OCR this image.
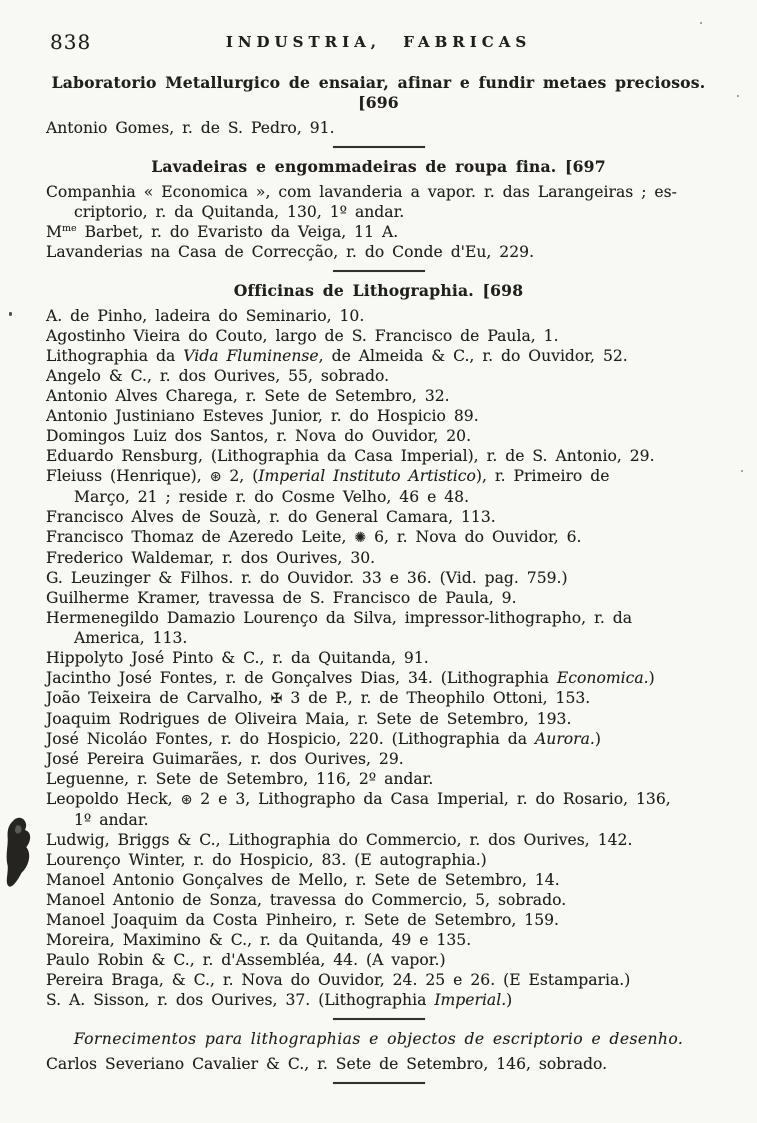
838	INDUSTRIA, FABRICAS

Laboratorio Metallurgico de ensaiar, afinar e fundir metaes preciosos. [696

Antonio Gomes, r. de S. Pedro, 91.

Lavadeiras e engommadeiras de roupa fina. [697

Companhia « Economica », com lavanderia a vapor. r. das Larangeiras ; es-
criptorio, r. da Quitanda, 130, 1º andar.

$M^{me}$ Barbet, r. do Evaristo da Veiga, 11 A.

Lavanderias na Casa de Correcção, r. do Conde d'Eu, 229.

Officinas de Lithographia. [698

A. de Pinho, ladeira do Seminario, 10.

Agostinho Vieira do Couto, largo de S. Francisco de Paula, 1.

Lithographia da Vida Fluminense, de Almeida & C., r. do Ouvidor, 52.

Angelo & C., r. dos Ourives, 55, sobrado.

Antonio Alves Charega, r. Sete de Setembro, 32.

Antonio Justiniano Esteves Junior, r. do Hospicio 89.

Domingos Luiz dos Santos, r. Nova do Ouvidor, 20.

Eduardo Rensburg, (Lithographia da Casa Imperial), r. de S. Antonio, 29.

Fleiuss (Henrique), ⊛ 2, (Imperial Instituto Artistico), r. Primeiro de
Março, 21 ; reside r. do Cosme Velho, 46 e 48.

Francisco Alves de Souzà, r. do General Camara, 113.

Francisco Thomaz de Azeredo Leite, ✺ 6, r. Nova do Ouvidor, 6.

Frederico Waldemar, r. dos Ourives, 30.

G. Leuzinger & Filhos. r. do Ouvidor. 33 e 36. (Vid. pag. 759.)

Guilherme Kramer, travessa de S. Francisco de Paula, 9.

Hermenegildo Damazio Lourenço da Silva, impressor-lithographo, r. da
America, 113.

Hippolyto José Pinto & C., r. da Quitanda, 91.

Jacintho José Fontes, r. de Gonçalves Dias, 34. (Lithographia Economica.)

João Teixeira de Carvalho, ✠ 3 de P., r. de Theophilo Ottoni, 153.

Joaquim Rodrigues de Oliveira Maia, r. Sete de Setembro, 193.

José Nicoláo Fontes, r. do Hospicio, 220. (Lithographia da Aurora.)

José Pereira Guimarães, r. dos Ourives, 29.

Leguenne, r. Sete de Setembro, 116, 2º andar.

Leopoldo Heck, ⊛ 2 e 3, Lithographo da Casa Imperial, r. do Rosario, 136,
1º andar.

Ludwig, Briggs & C., Lithographia do Commercio, r. dos Ourives, 142.

Lourenço Winter, r. do Hospicio, 83. (E autographia.)

Manoel Antonio Gonçalves de Mello, r. Sete de Setembro, 14.

Manoel Antonio de Sonza, travessa do Commercio, 5, sobrado.

Manoel Joaquim da Costa Pinheiro, r. Sete de Setembro, 159.

Moreira, Maximino & C., r. da Quitanda, 49 e 135.

Paulo Robin & C., r. d'Assembléa, 44. (A vapor.)

Pereira Braga, & C., r. Nova do Ouvidor, 24. 25 e 26. (E Estamparia.)

S. A. Sisson, r. dos Ourives, 37. (Lithographia Imperial.)

Fornecimentos para lithographias e objectos de escriptorio e desenho.

Carlos Severiano Cavalier & C., r. Sete de Setembro, 146, sobrado.
